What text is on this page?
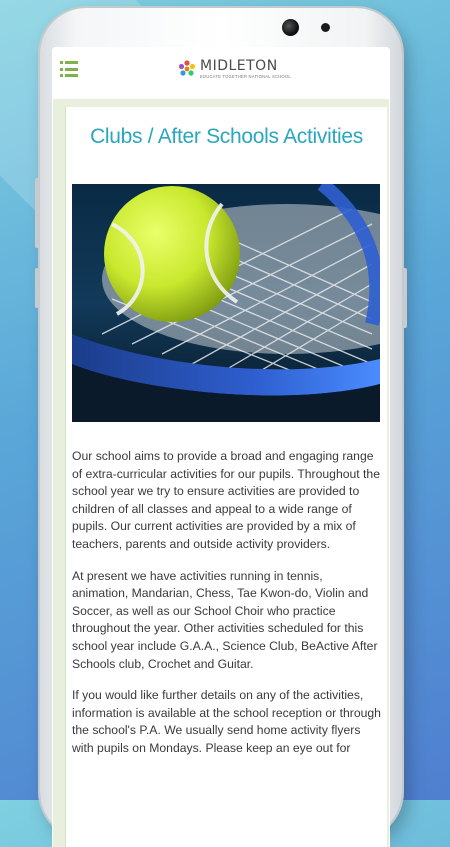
MIDLETON
EDUCATE TOGETHER NATIONAL SCHOOL
Clubs / After Schools Activities

Our school aims to provide a broad and engaging range of extra-curricular activities for our pupils. Throughout the school year we try to ensure activities are provided to children of all classes and appeal to a wide range of pupils. Our current activities are provided by a mix of teachers, parents and outside activity providers.

At present we have activities running in tennis, animation, Mandarian, Chess, Tae Kwon-do, Violin and Soccer, as well as our School Choir who practice throughout the year. Other activities scheduled for this school year include G.A.A., Science Club, BeActive After Schools club, Crochet and Guitar.

If you would like further details on any of the activities, information is available at the school reception or through the school's P.A. We usually send home activity flyers with pupils on Mondays. Please keep an eye out for
